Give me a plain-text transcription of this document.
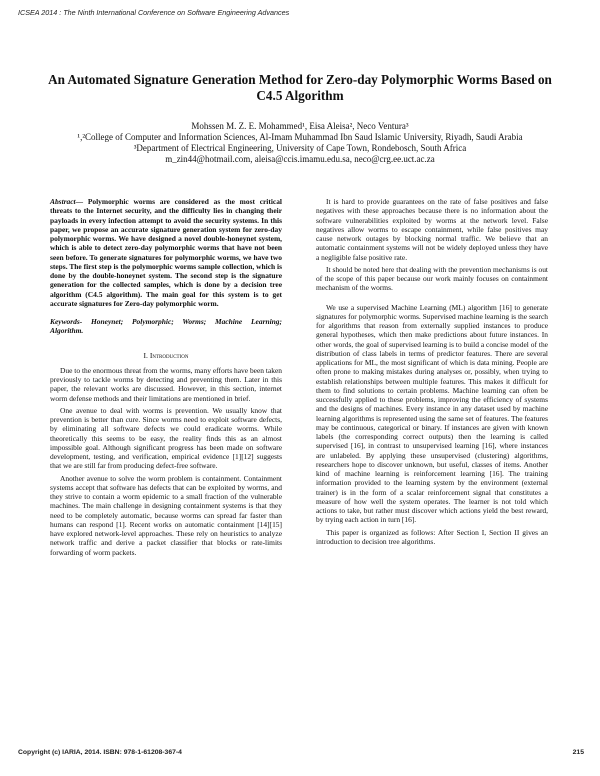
ICSEA 2014 : The Ninth International Conference on Software Engineering Advances
An Automated Signature Generation Method for Zero-day Polymorphic Worms Based on C4.5 Algorithm
Mohssen M. Z. E. Mohammed¹, Eisa Aleisa², Neco Ventura³
¹,²College of Computer and Information Sciences, Al-Imam Muhammad Ibn Saud Islamic University, Riyadh, Saudi Arabia
³Department of Electrical Engineering, University of Cape Town, Rondebosch, South Africa
m_zin44@hotmail.com, aleisa@ccis.imamu.edu.sa, neco@crg.ee.uct.ac.za

Abstract— Polymorphic worms are considered as the most critical threats to the Internet security, and the difficulty lies in changing their payloads in every infection attempt to avoid the security systems. In this paper, we propose an accurate signature generation system for zero-day polymorphic worms. We have designed a novel double-honeynet system, which is able to detect zero-day polymorphic worms that have not been seen before. To generate signatures for polymorphic worms, we have two steps. The first step is the polymorphic worms sample collection, which is done by the double-honeynet system. The second step is the signature generation for the collected samples, which is done by a decision tree algorithm (C4.5 algorithm). The main goal for this system is to get accurate signatures for Zero-day polymorphic worm.

Keywords- Honeynet; Polymorphic; Worms; Machine Learning; Algorithm.

I. Introduction

Due to the enormous threat from the worms, many efforts have been taken previously to tackle worms by detecting and preventing them. Later in this paper, the relevant works are discussed. However, in this section, internet worm defense methods and their limitations are mentioned in brief.

One avenue to deal with worms is prevention. We usually know that prevention is better than cure. Since worms need to exploit software defects, by eliminating all software defects we could eradicate worms. While theoretically this seems to be easy, the reality finds this as an almost impossible goal. Although significant progress has been made on software development, testing, and verification, empirical evidence [1][12] suggests that we are still far from producing defect-free software.

Another avenue to solve the worm problem is containment. Containment systems accept that software has defects that can be exploited by worms, and they strive to contain a worm epidemic to a small fraction of the vulnerable machines. The main challenge in designing containment systems is that they need to be completely automatic, because worms can spread far faster than humans can respond [1]. Recent works on automatic containment [14][15] have explored network-level approaches. These rely on heuristics to analyze network traffic and derive a packet classifier that blocks or rate-limits forwarding of worm packets.

It is hard to provide guarantees on the rate of false positives and false negatives with these approaches because there is no information about the software vulnerabilities exploited by worms at the network level. False negatives allow worms to escape containment, while false positives may cause network outages by blocking normal traffic. We believe that an automatic containment systems will not be widely deployed unless they have a negligible false positive rate.

It should be noted here that dealing with the prevention mechanisms is out of the scope of this paper because our work mainly focuses on containment mechanism of the worms.

We use a supervised Machine Learning (ML) algorithm [16] to generate signatures for polymorphic worms. Supervised machine learning is the search for algorithms that reason from externally supplied instances to produce general hypotheses, which then make predictions about future instances. In other words, the goal of supervised learning is to build a concise model of the distribution of class labels in terms of predictor features. There are several applications for ML, the most significant of which is data mining. People are often prone to making mistakes during analyses or, possibly, when trying to establish relationships between multiple features. This makes it difficult for them to find solutions to certain problems. Machine learning can often be successfully applied to these problems, improving the efficiency of systems and the designs of machines. Every instance in any dataset used by machine learning algorithms is represented using the same set of features. The features may be continuous, categorical or binary. If instances are given with known labels (the corresponding correct outputs) then the learning is called supervised [16], in contrast to unsupervised learning [16], where instances are unlabeled. By applying these unsupervised (clustering) algorithms, researchers hope to discover unknown, but useful, classes of items. Another kind of machine learning is reinforcement learning [16]. The training information provided to the learning system by the environment (external trainer) is in the form of a scalar reinforcement signal that constitutes a measure of how well the system operates. The learner is not told which actions to take, but rather must discover which actions yield the best reward, by trying each action in turn [16].

This paper is organized as follows: After Section I, Section II gives an introduction to decision tree algorithms.

Copyright (c) IARIA, 2014. ISBN: 978-1-61208-367-4	215
